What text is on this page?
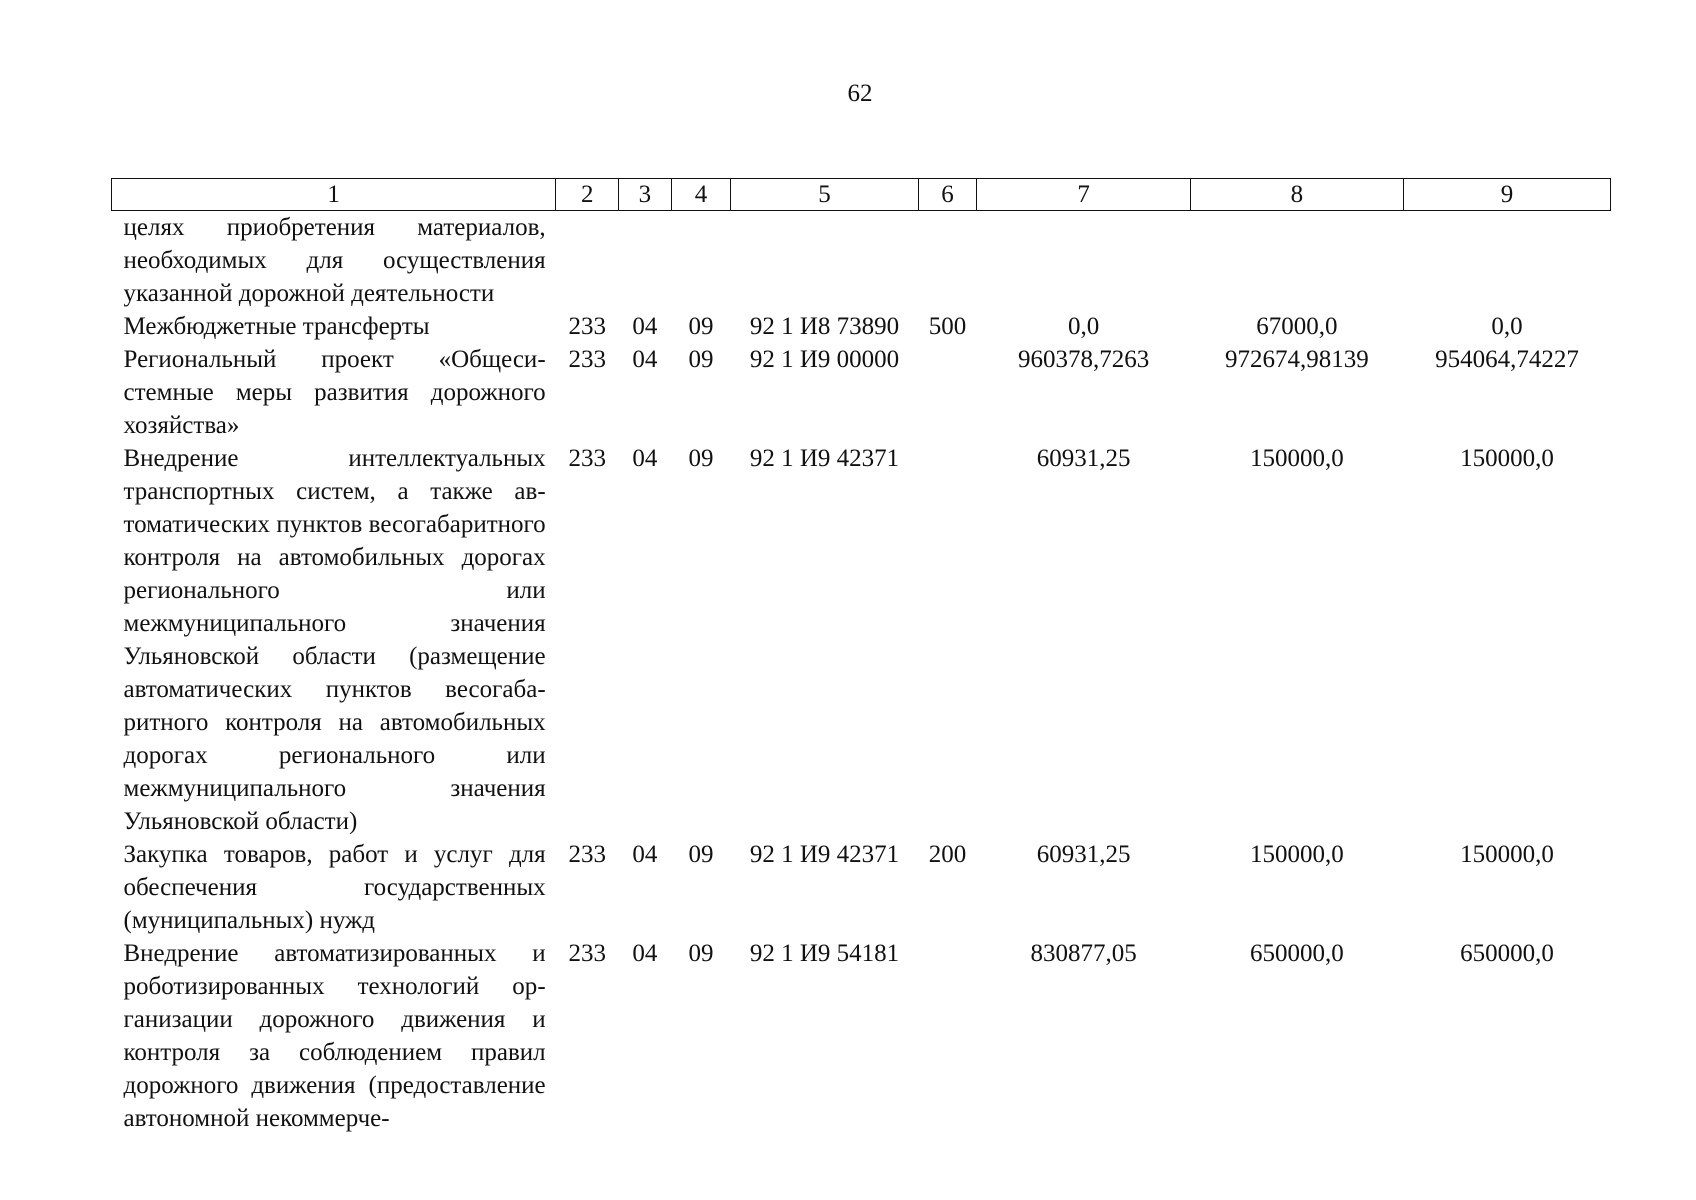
62
1	2	3	4	5	6	7	8	9
целях приобретения материалов, необходимых для осуществления указанной дорожной деятельности								
Межбюджетные трансферты	233	04	09	92 1 И8 73890	500	0,0	67000,0	0,0
Региональный проект «Общесистемные меры развития дорожного хозяйства»	233	04	09	92 1 И9 00000		960378,7263	972674,98139	954064,74227
Внедрение интеллектуальных транспортных систем, а также автоматических пунктов весогабаритного контроля на автомобильных дорогах регионального или межмуниципального значения Ульяновской области (размещение автоматических пунктов весогабаритного контроля на автомобильных дорогах регионального или межмуниципального значения Ульяновской области)	233	04	09	92 1 И9 42371		60931,25	150000,0	150000,0
Закупка товаров, работ и услуг для обеспечения государственных (муниципальных) нужд	233	04	09	92 1 И9 42371	200	60931,25	150000,0	150000,0
Внедрение автоматизированных и роботизированных технологий организации дорожного движения и контроля за соблюдением правил дорожного движения (предоставление автономной некоммерче-	233	04	09	92 1 И9 54181		830877,05	650000,0	650000,0
